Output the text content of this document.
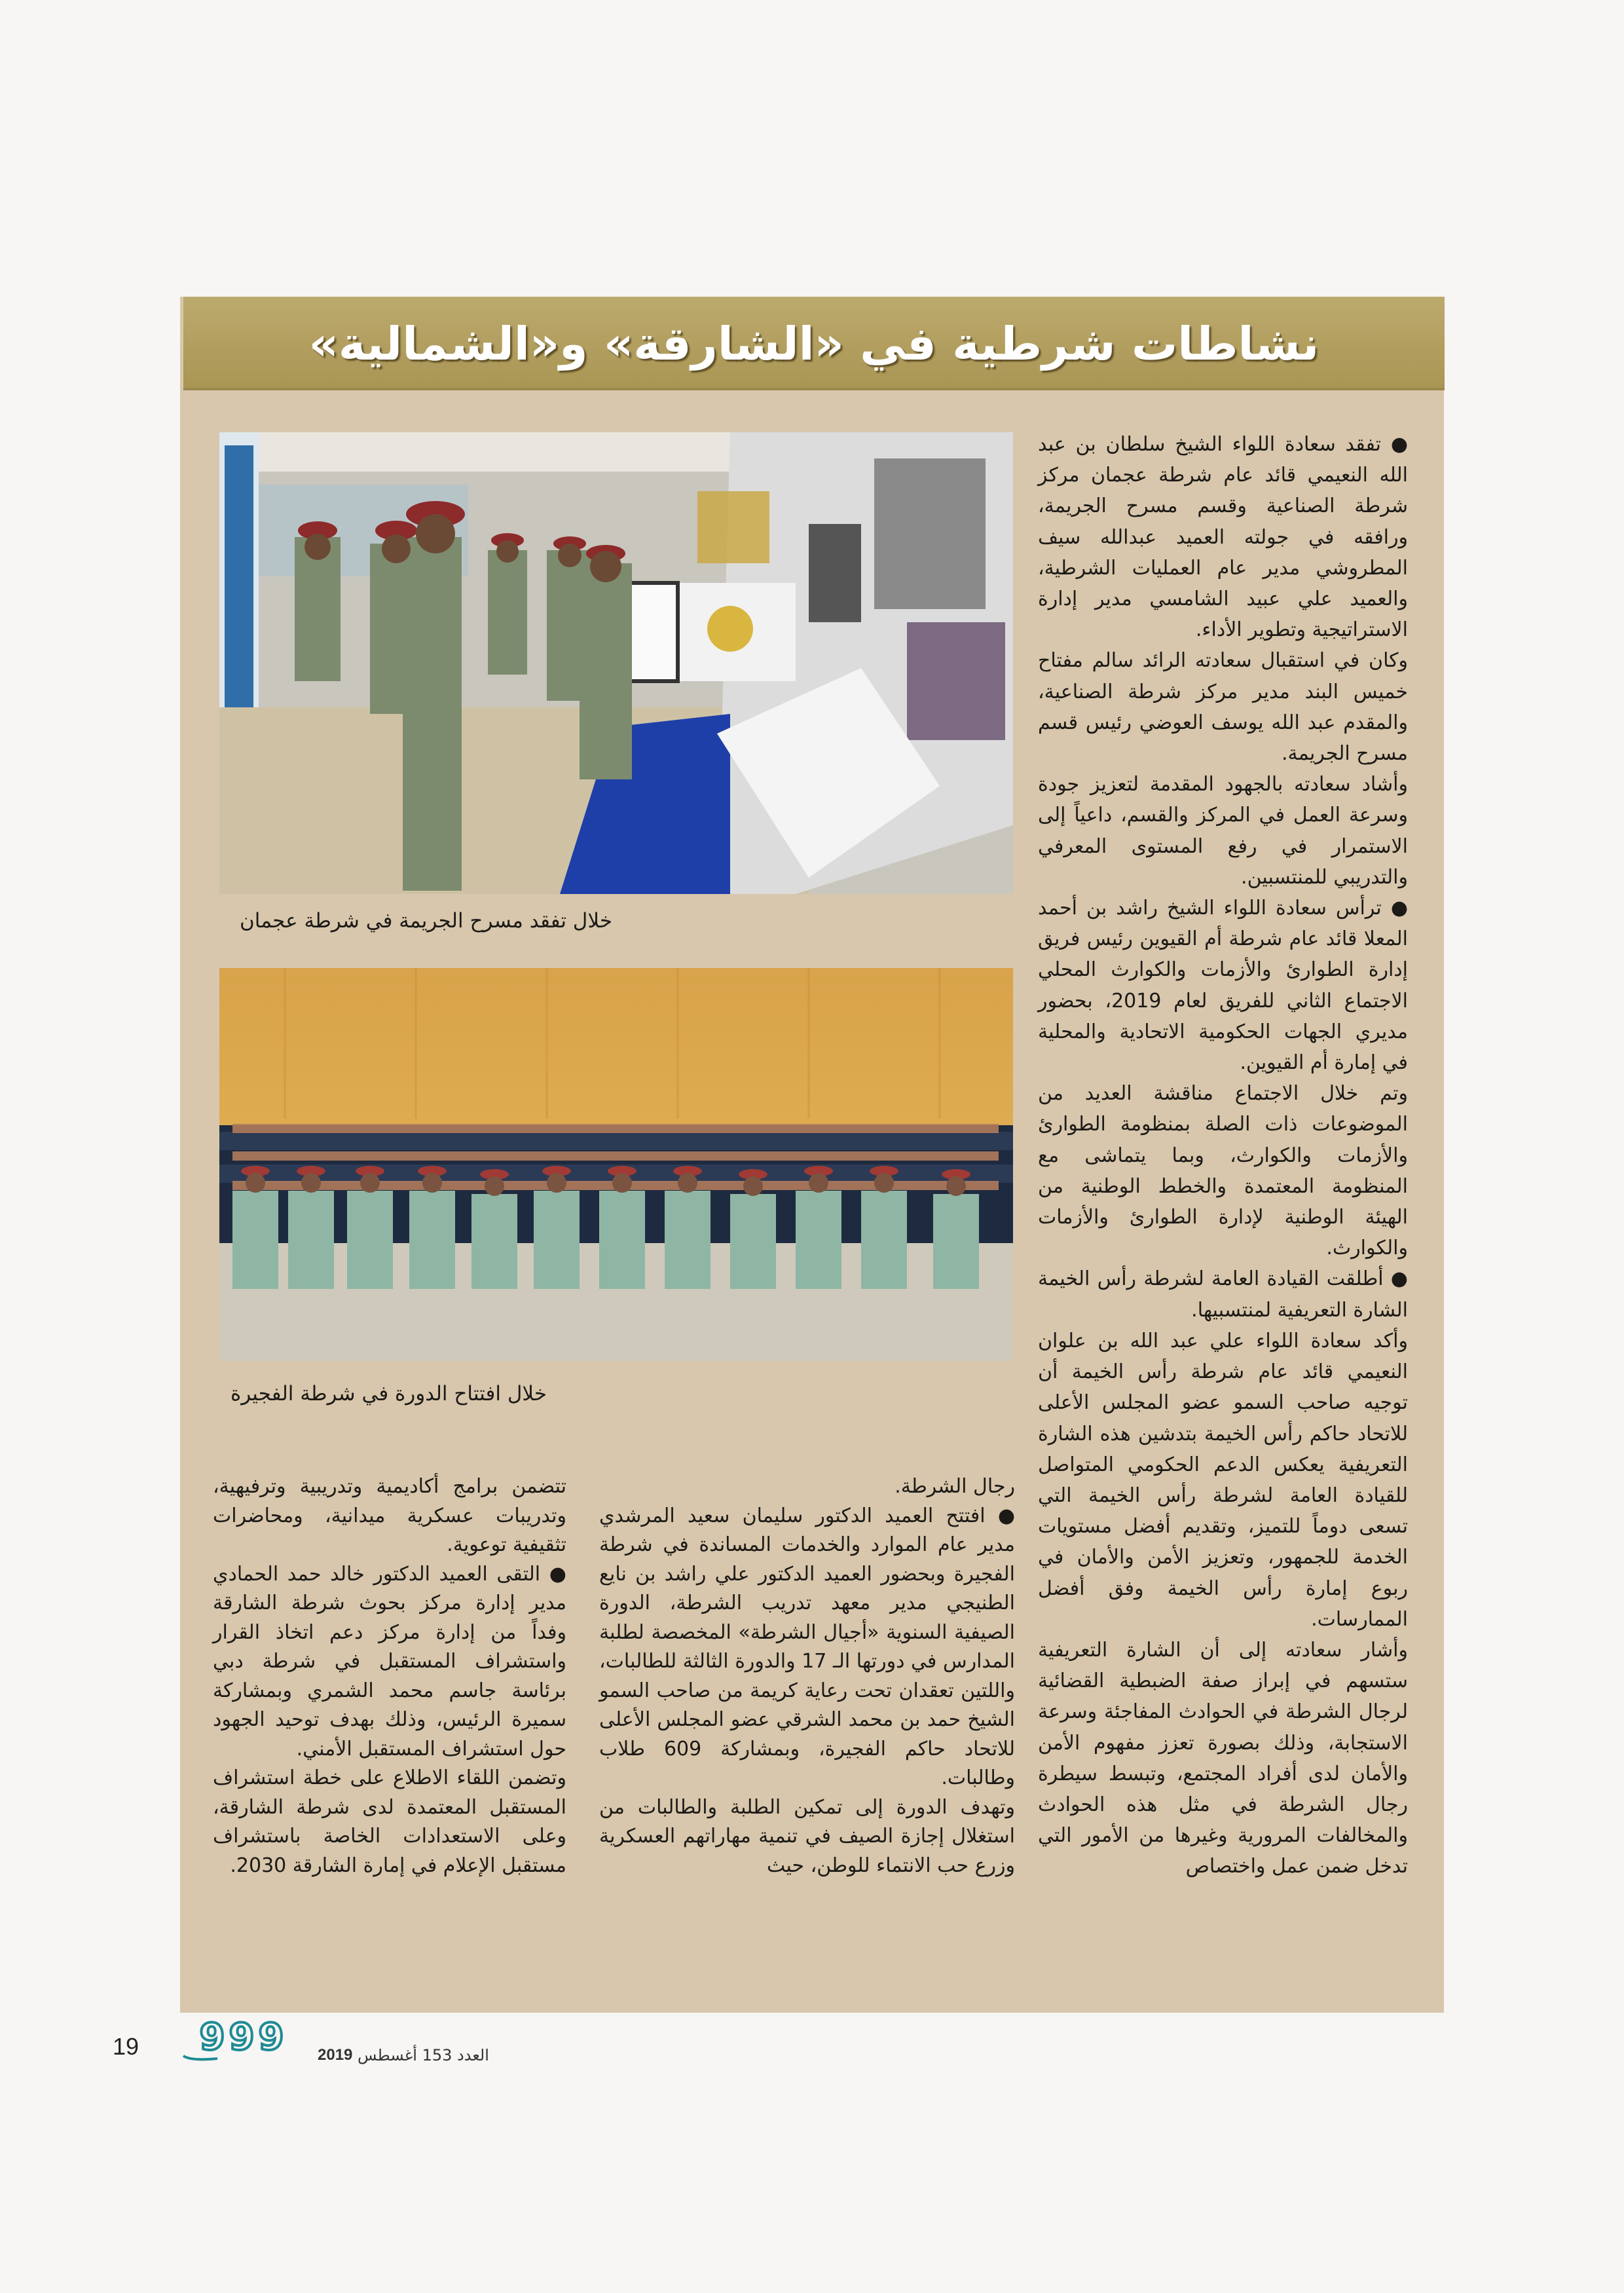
نشاطات شرطية في «الشارقة» و«الشمالية»

● تفقد سعادة اللواء الشيخ سلطان بن عبد الله النعيمي قائد عام شرطة عجمان مركز شرطة الصناعية وقسم مسرح الجريمة، ورافقه في جولته العميد عبدالله سيف المطروشي مدير عام العمليات الشرطية، والعميد علي عبيد الشامسي مدير إدارة الاستراتيجية وتطوير الأداء.

وكان في استقبال سعادته الرائد سالم مفتاح خميس البند مدير مركز شرطة الصناعية، والمقدم عبد الله يوسف العوضي رئيس قسم مسرح الجريمة.

وأشاد سعادته بالجهود المقدمة لتعزيز جودة وسرعة العمل في المركز والقسم، داعياً إلى الاستمرار في رفع المستوى المعرفي والتدريبي للمنتسبين.

● ترأس سعادة اللواء الشيخ راشد بن أحمد المعلا قائد عام شرطة أم القيوين رئيس فريق إدارة الطوارئ والأزمات والكوارث المحلي الاجتماع الثاني للفريق لعام 2019، بحضور مديري الجهات الحكومية الاتحادية والمحلية في إمارة أم القيوين.

وتم خلال الاجتماع مناقشة العديد من الموضوعات ذات الصلة بمنظومة الطوارئ والأزمات والكوارث، وبما يتماشى مع المنظومة المعتمدة والخطط الوطنية من الهيئة الوطنية لإدارة الطوارئ والأزمات والكوارث.

● أطلقت القيادة العامة لشرطة رأس الخيمة الشارة التعريفية لمنتسبيها.

وأكد سعادة اللواء علي عبد الله بن علوان النعيمي قائد عام شرطة رأس الخيمة أن توجيه صاحب السمو عضو المجلس الأعلى للاتحاد حاكم رأس الخيمة بتدشين هذه الشارة التعريفية يعكس الدعم الحكومي المتواصل للقيادة العامة لشرطة رأس الخيمة التي تسعى دوماً للتميز، وتقديم أفضل مستويات الخدمة للجمهور، وتعزيز الأمن والأمان في ربوع إمارة رأس الخيمة وفق أفضل الممارسات.

وأشار سعادته إلى أن الشارة التعريفية ستسهم في إبراز صفة الضبطية القضائية لرجال الشرطة في الحوادث المفاجئة وسرعة الاستجابة، وذلك بصورة تعزز مفهوم الأمن والأمان لدى أفراد المجتمع، وتبسط سيطرة رجال الشرطة في مثل هذه الحوادث والمخالفات المرورية وغيرها من الأمور التي تدخل ضمن عمل واختصاص

خلال تفقد مسرح الجريمة في شرطة عجمان
خلال افتتاح الدورة في شرطة الفجيرة

رجال الشرطة.

● افتتح العميد الدكتور سليمان سعيد المرشدي مدير عام الموارد والخدمات المساندة في شرطة الفجيرة وبحضور العميد الدكتور علي راشد بن نايع الطنيجي مدير معهد تدريب الشرطة، الدورة الصيفية السنوية «أجيال الشرطة» المخصصة لطلبة المدارس في دورتها الـ 17 والدورة الثالثة للطالبات، واللتين تعقدان تحت رعاية كريمة من صاحب السمو الشيخ حمد بن محمد الشرقي عضو المجلس الأعلى للاتحاد حاكم الفجيرة، وبمشاركة 609 طلاب وطالبات.

وتهدف الدورة إلى تمكين الطلبة والطالبات من استغلال إجازة الصيف في تنمية مهاراتهم العسكرية وزرع حب الانتماء للوطن، حيث

تتضمن برامج أكاديمية وتدريبية وترفيهية، وتدريبات عسكرية ميدانية، ومحاضرات تثقيفية توعوية.

● التقى العميد الدكتور خالد حمد الحمادي مدير إدارة مركز بحوث شرطة الشارقة وفداً من إدارة مركز دعم اتخاذ القرار واستشراف المستقبل في شرطة دبي برئاسة جاسم محمد الشمري وبمشاركة سميرة الرئيس، وذلك بهدف توحيد الجهود حول استشراف المستقبل الأمني.

وتضمن اللقاء الاطلاع على خطة استشراف المستقبل المعتمدة لدى شرطة الشارقة، وعلى الاستعدادات الخاصة باستشراف مستقبل الإعلام في إمارة الشارقة 2030.

19 999	العدد

153

أغسطس

2019
